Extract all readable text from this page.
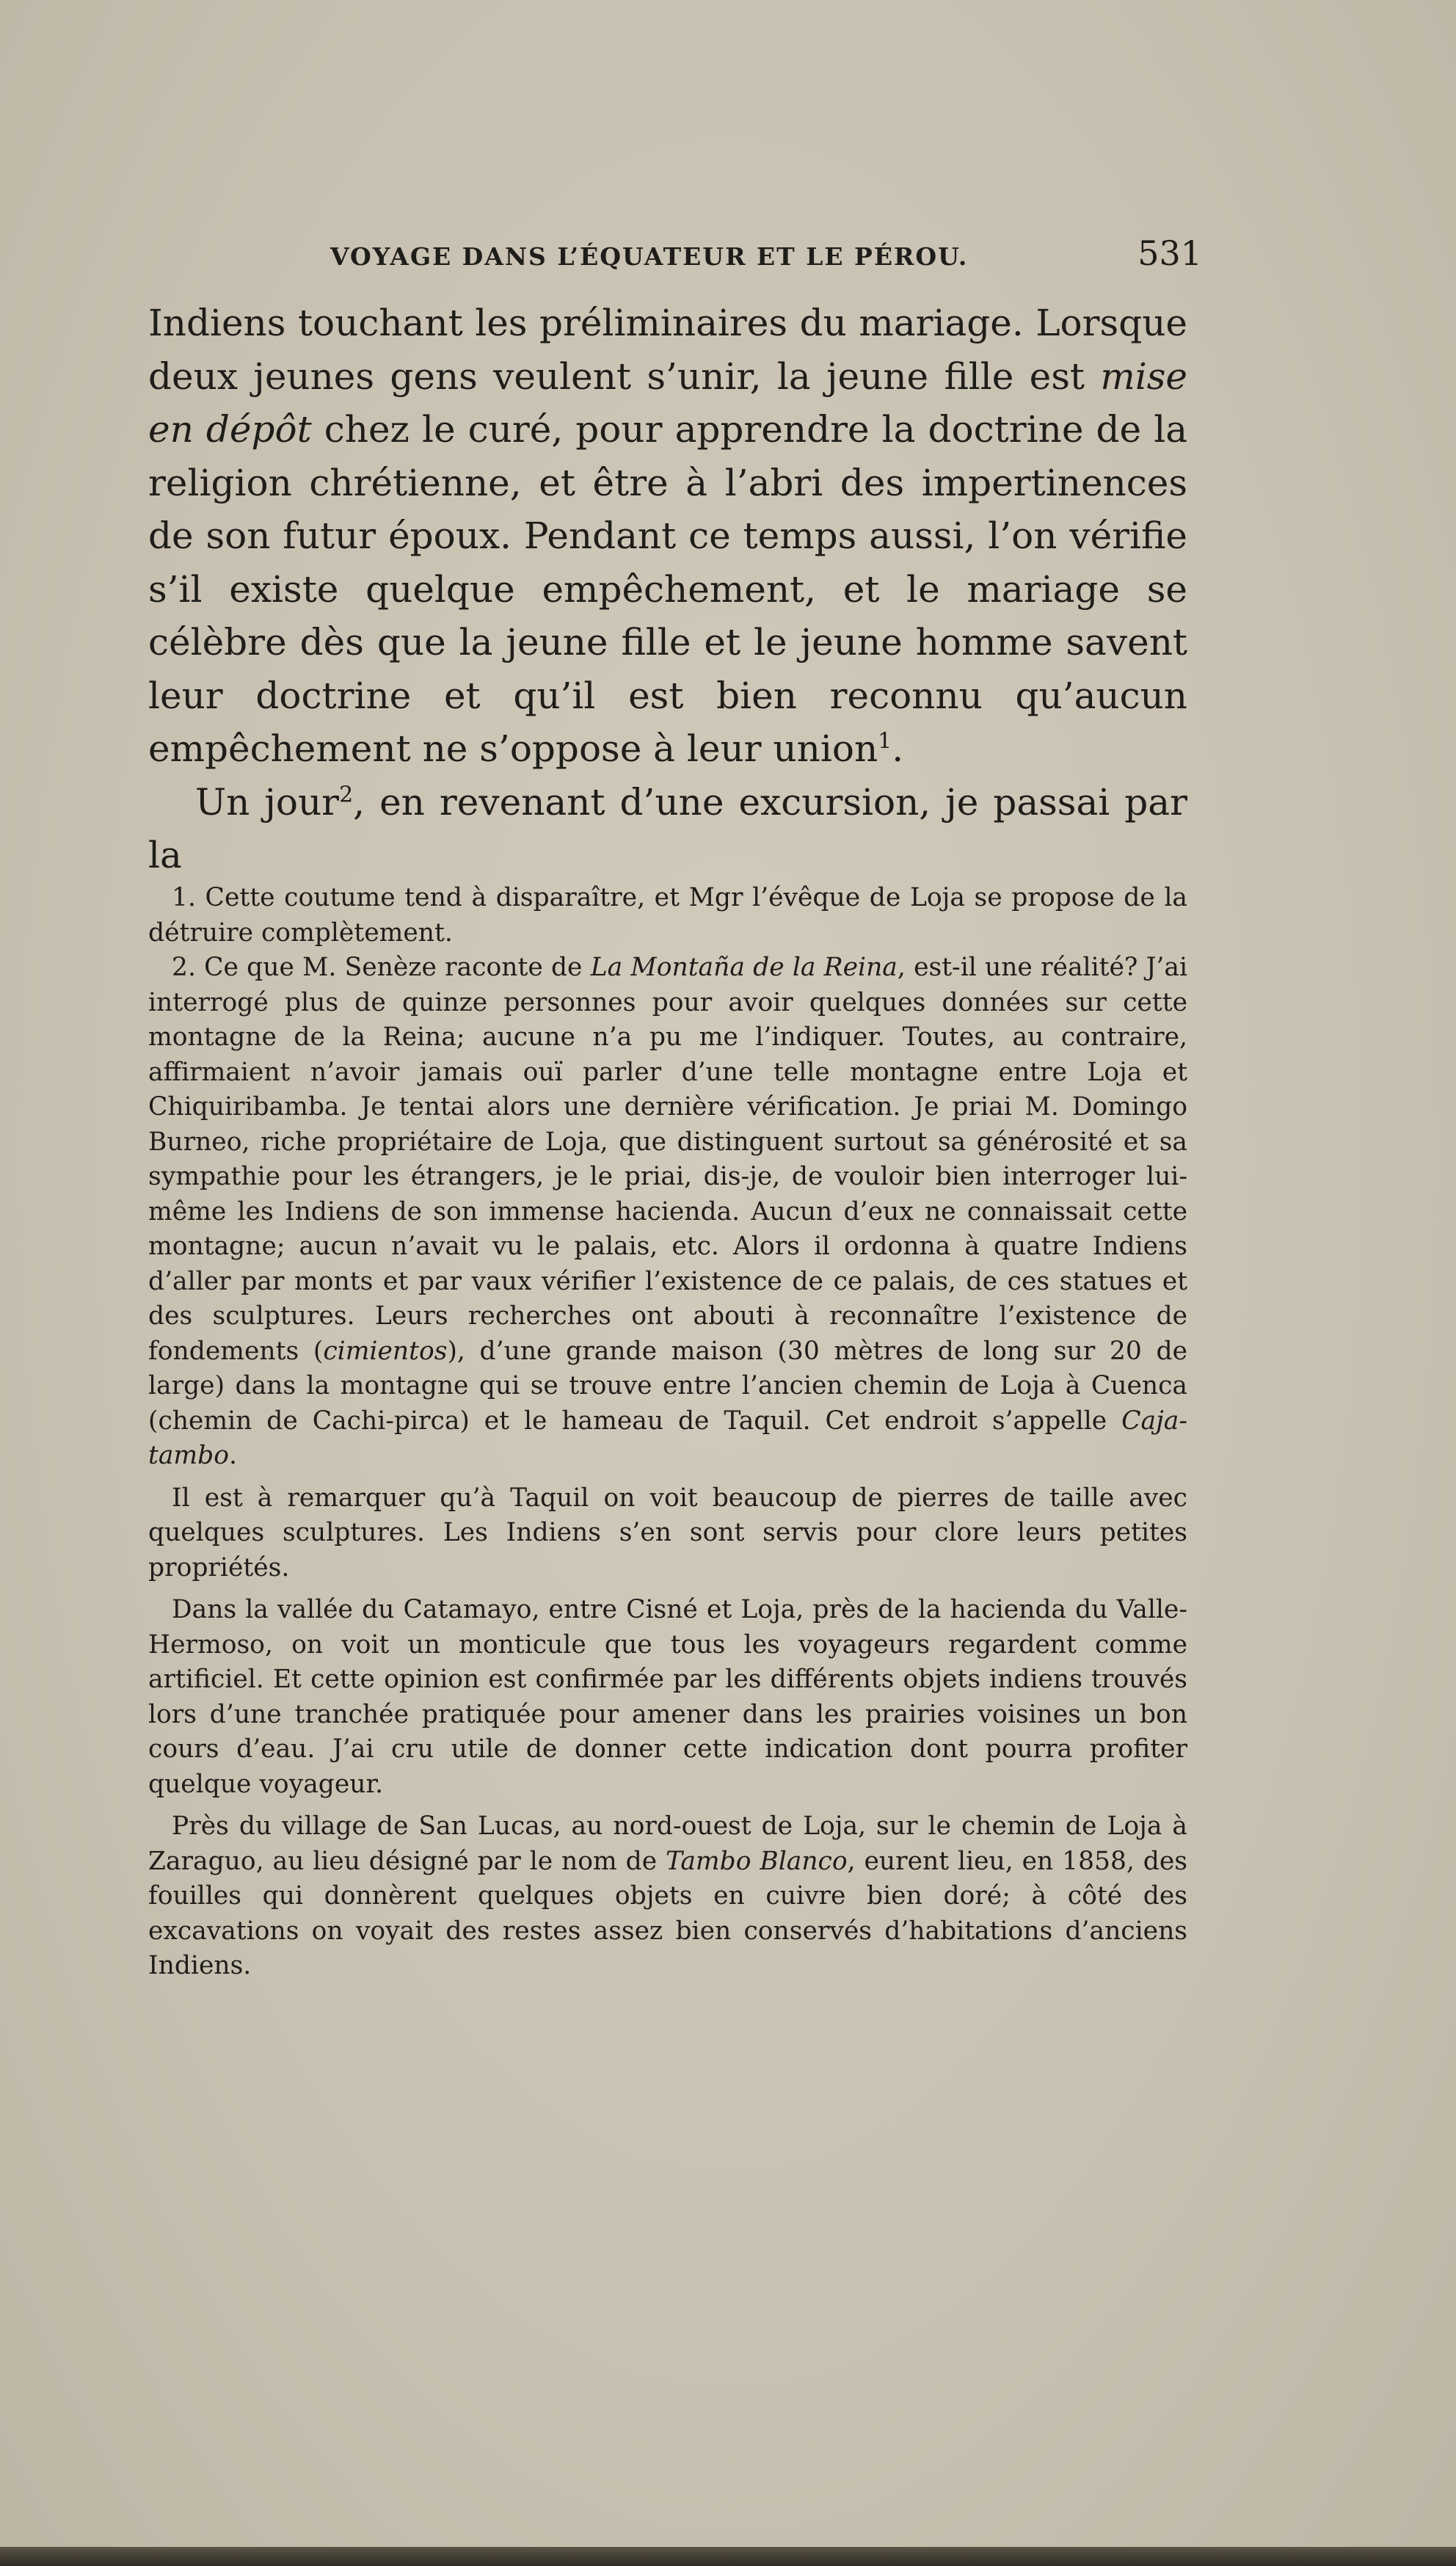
VOYAGE DANS L’ÉQUATEUR ET LE PÉROU.	531

Indiens touchant les préliminaires du mariage. Lorsque deux jeunes gens veulent s’unir, la jeune fille est mise en dépôt chez le curé, pour apprendre la doctrine de la religion chrétienne, et être à l’abri des impertinences de son futur époux. Pendant ce temps aussi, l’on vérifie s’il existe quelque empêchement, et le mariage se célèbre dès que la jeune fille et le jeune homme savent leur doctrine et qu’il est bien reconnu qu’aucun empêchement ne s’oppose à leur union$^1$.

Un jour$^2$, en revenant d’une excursion, je passai par la

1. Cette coutume tend à disparaître, et Mgr l’évêque de Loja se propose de la détruire complètement.

2. Ce que M. Senèze raconte de La Montaña de la Reina, est-il une réalité? J’ai interrogé plus de quinze personnes pour avoir quelques données sur cette montagne de la Reina; aucune n’a pu me l’indiquer. Toutes, au contraire, affirmaient n’avoir jamais ouï parler d’une telle montagne entre Loja et Chiquiribamba. Je tentai alors une dernière vérification. Je priai M. Domingo Burneo, riche propriétaire de Loja, que distinguent surtout sa générosité et sa sympathie pour les étrangers, je le priai, dis-je, de vouloir bien interroger lui-même les Indiens de son immense hacienda. Aucun d’eux ne connaissait cette montagne; aucun n’avait vu le palais, etc. Alors il ordonna à quatre Indiens d’aller par monts et par vaux vérifier l’existence de ce palais, de ces statues et des sculptures. Leurs recherches ont abouti à reconnaître l’existence de fondements (cimientos), d’une grande maison (30 mètres de long sur 20 de large) dans la montagne qui se trouve entre l’ancien chemin de Loja à Cuenca (chemin de Cachi-pirca) et le hameau de Taquil. Cet endroit s’appelle Caja-tambo.

Il est à remarquer qu’à Taquil on voit beaucoup de pierres de taille avec quelques sculptures. Les Indiens s’en sont servis pour clore leurs petites propriétés.

Dans la vallée du Catamayo, entre Cisné et Loja, près de la hacienda du Valle-Hermoso, on voit un monticule que tous les voyageurs regardent comme artificiel. Et cette opinion est confirmée par les différents objets indiens trouvés lors d’une tranchée pratiquée pour amener dans les prairies voisines un bon cours d’eau. J’ai cru utile de donner cette indication dont pourra profiter quelque voyageur.

Près du village de San Lucas, au nord-ouest de Loja, sur le chemin de Loja à Zaraguo, au lieu désigné par le nom de Tambo Blanco, eurent lieu, en 1858, des fouilles qui donnèrent quelques objets en cuivre bien doré; à côté des excavations on voyait des restes assez bien conservés d’habitations d’anciens Indiens.
